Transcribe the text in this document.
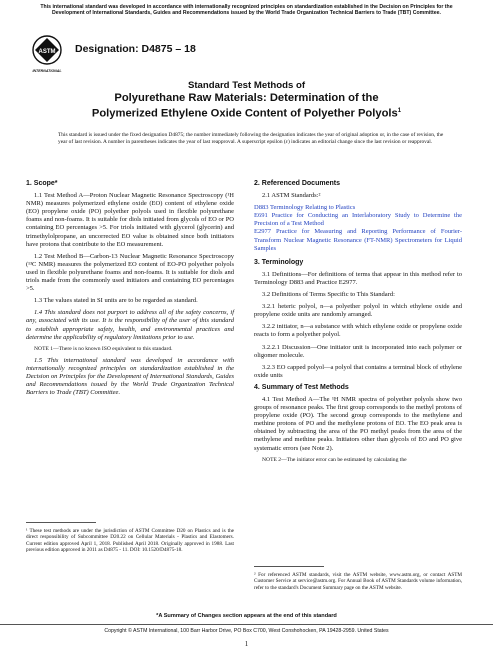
This international standard was developed in accordance with internationally recognized principles on standardization established in the Decision on Principles for the Development of International Standards, Guides and Recommendations issued by the World Trade Organization Technical Barriers to Trade (TBT) Committee.
ASTM
INTERNATIONAL
Designation: D4875 – 18
Standard Test Methods of
Polyurethane Raw Materials: Determination of the
Polymerized Ethylene Oxide Content of Polyether Polyols$^1$
This standard is issued under the fixed designation D4875; the number immediately following the designation indicates the year of original adoption or, in the case of revision, the year of last revision. A number in parentheses indicates the year of last reapproval. A superscript epsilon (ε) indicates an editorial change since the last revision or reapproval.
1. Scope*
1.1 Test Method A—Proton Nuclear Magnetic Resonance Spectroscopy (¹H NMR) measures polymerized ethylene oxide (EO) content of ethylene oxide (EO) propylene oxide (PO) polyether polyols used in flexible polyurethane foams and non-foams. It is suitable for diols initiated from glycols of EO or PO containing EO percentages >5. For triols initiated with glycerol (glycerin) and trimethylolpropane, an uncorrected EO value is obtained since both initiators have protons that contribute to the EO measurement.
1.2 Test Method B—Carbon-13 Nuclear Magnetic Resonance Spectroscopy (¹³C NMR) measures the polymerized EO content of EO-PO polyether polyols used in flexible polyurethane foams and non-foams. It is suitable for diols and triols made from the commonly used initiators and containing EO percentages >5.
1.3 The values stated in SI units are to be regarded as standard.
1.4 This standard does not purport to address all of the safety concerns, if any, associated with its use. It is the responsibility of the user of this standard to establish appropriate safety, health, and environmental practices and determine the applicability of regulatory limitations prior to use.
NOTE 1—There is no known ISO equivalent to this standard.
1.5 This international standard was developed in accordance with internationally recognized principles on standardization established in the Decision on Principles for the Development of International Standards, Guides and Recommendations issued by the World Trade Organization Technical Barriers to Trade (TBT) Committee.
¹ These test methods are under the jurisdiction of ASTM Committee D20 on Plastics and is the direct responsibility of Subcommittee D20.22 on Cellular Materials - Plastics and Elastomers. Current edition approved April 1, 2018. Published April 2018. Originally approved in 1988. Last previous edition approved in 2011 as D4875 - 11. DOI: 10.1520/D4875-18.
2. Referenced Documents
2.1 ASTM Standards:²
D883 Terminology Relating to Plastics
E691 Practice for Conducting an Interlaboratory Study to Determine the Precision of a Test Method
E2977 Practice for Measuring and Reporting Performance of Fourier-Transform Nuclear Magnetic Resonance (FT-NMR) Spectrometers for Liquid Samples
3. Terminology
3.1 Definitions—For definitions of terms that appear in this method refer to Terminology D883 and Practice E2977.
3.2 Definitions of Terms Specific to This Standard:
3.2.1 heteric polyol, n—a polyether polyol in which ethylene oxide and propylene oxide units are randomly arranged.
3.2.2 initiator, n—a substance with which ethylene oxide or propylene oxide reacts to form a polyether polyol.
3.2.2.1 Discussion—One initiator unit is incorporated into each polymer or oligomer molecule.
3.2.3 EO capped polyol—a polyol that contains a terminal block of ethylene oxide units
4. Summary of Test Methods
4.1 Test Method A—The ¹H NMR spectra of polyether polyols show two groups of resonance peaks. The first group corresponds to the methyl protons of propylene oxide (PO). The second group corresponds to the methylene and methine protons of PO and the methylene protons of EO. The EO peak area is obtained by subtracting the area of the PO methyl peaks from the area of the methylene and methine peaks. Initiators other than glycols of EO and PO give systematic errors (see Note 2).
NOTE 2—The initiator error can be estimated by calculating the
² For referenced ASTM standards, visit the ASTM website, www.astm.org, or contact ASTM Customer Service at service@astm.org. For Annual Book of ASTM Standards volume information, refer to the standard's Document Summary page on the ASTM website.
*A Summary of Changes section appears at the end of this standard
Copyright © ASTM International, 100 Barr Harbor Drive, PO Box C700, West Conshohocken, PA 19428-2959. United States
1
